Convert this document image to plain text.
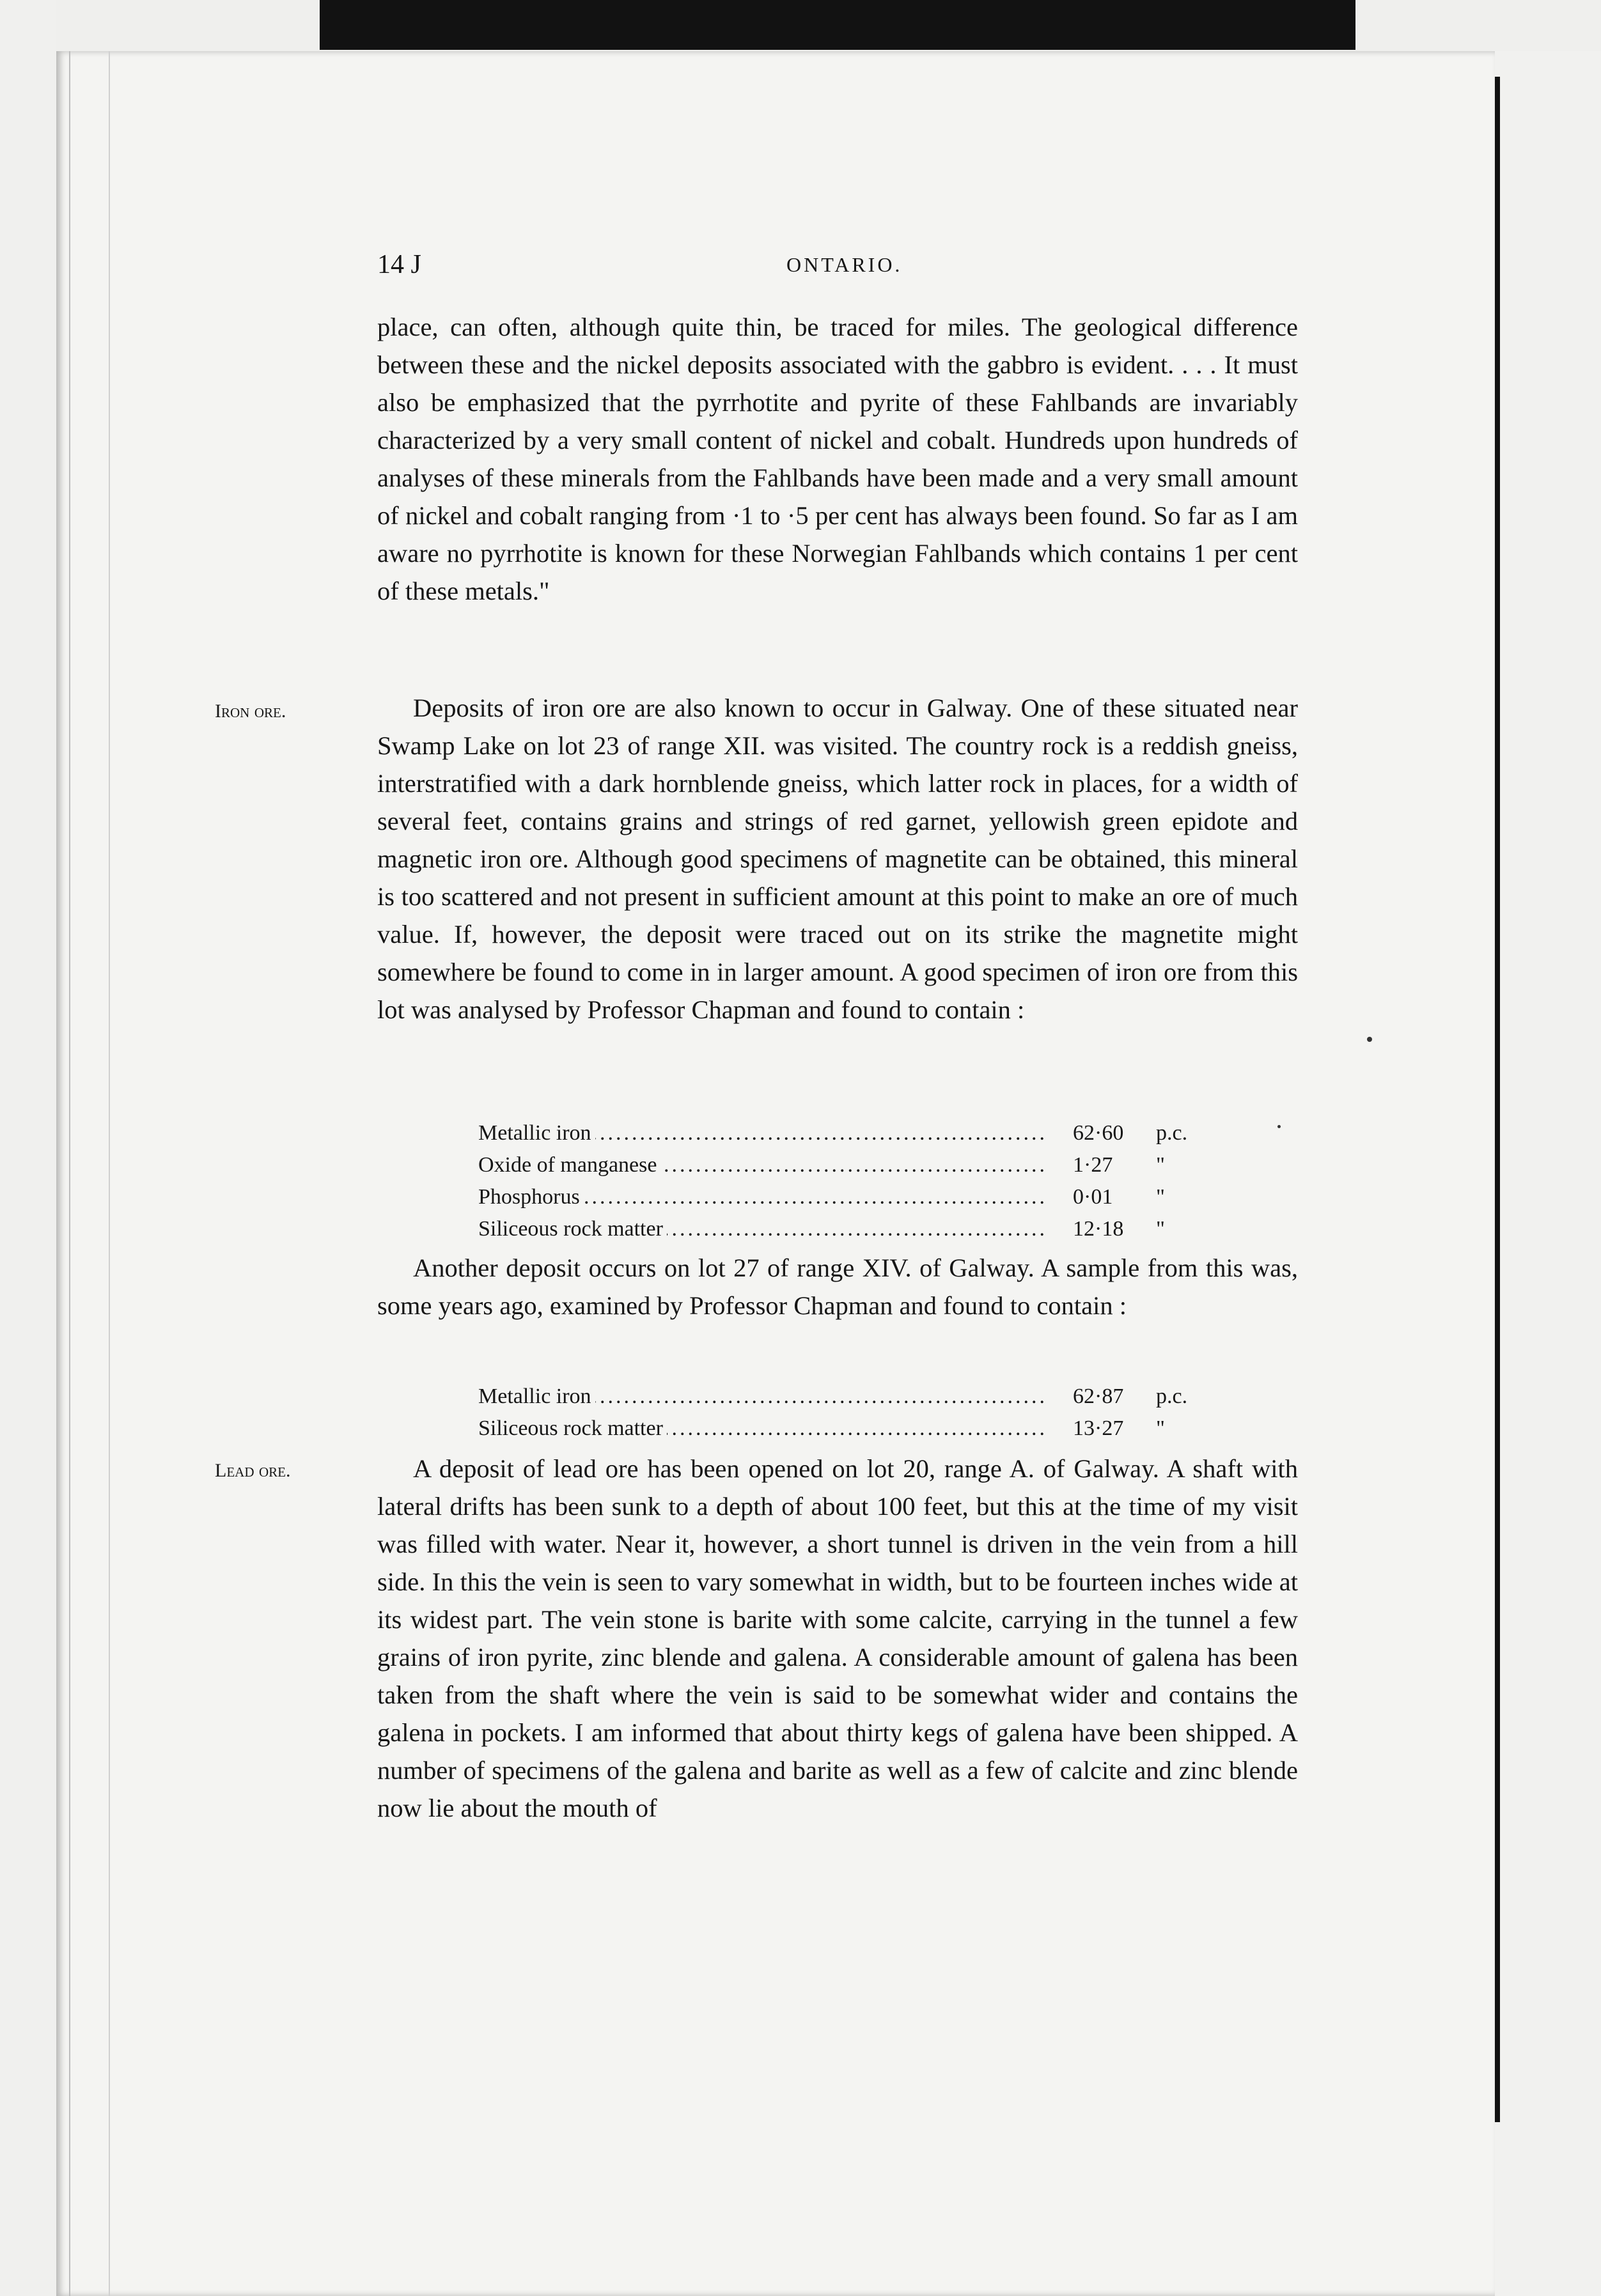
14 J	ONTARIO.

place, can often, although quite thin, be traced for miles. The geological difference between these and the nickel deposits associated with the gabbro is evident. . . . It must also be emphasized that the pyrrhotite and pyrite of these Fahlbands are invariably characterized by a very small content of nickel and cobalt. Hundreds upon hundreds of analyses of these minerals from the Fahlbands have been made and a very small amount of nickel and cobalt ranging from ·1 to ·5 per cent has always been found. So far as I am aware no pyrrhotite is known for these Norwegian Fahlbands which contains 1 per cent of these metals."

Iron ore.	Deposits of iron ore are also known to occur in Galway. One of these situated near Swamp Lake on lot 23 of range XII. was visited. The country rock is a reddish gneiss, interstratified with a dark hornblende gneiss, which latter rock in places, for a width of several feet, contains grains and strings of red garnet, yellowish green epidote and magnetic iron ore. Although good specimens of magnetite can be obtained, this mineral is too scattered and not present in sufficient amount at this point to make an ore of much value. If, however, the deposit were traced out on its strike the magnetite might somewhere be found to come in in larger amount. A good specimen of iron ore from this lot was analysed by Professor Chapman and found to contain :

.....
Metallic iron	62·60 p.c.
.....
Oxide of manganese	1·27 "
.....
Phosphorus	0·01 "
.....
Siliceous rock matter	12·18 "

Another deposit occurs on lot 27 of range XIV. of Galway. A sample from this was, some years ago, examined by Professor Chapman and found to contain :

.....
Metallic iron	62·87 p.c.
.....
Siliceous rock matter	13·27 "
Lead ore.	A deposit of lead ore has been opened on lot 20, range A. of Galway. A shaft with lateral drifts has been sunk to a depth of about 100 feet, but this at the time of my visit was filled with water. Near it, however, a short tunnel is driven in the vein from a hill side. In this the vein is seen to vary somewhat in width, but to be fourteen inches wide at its widest part. The vein stone is barite with some calcite, carrying in the tunnel a few grains of iron pyrite, zinc blende and galena. A considerable amount of galena has been taken from the shaft where the vein is said to be somewhat wider and contains the galena in pockets. I am informed that about thirty kegs of galena have been shipped. A number of specimens of the galena and barite as well as a few of calcite and zinc blende now lie about the mouth of
